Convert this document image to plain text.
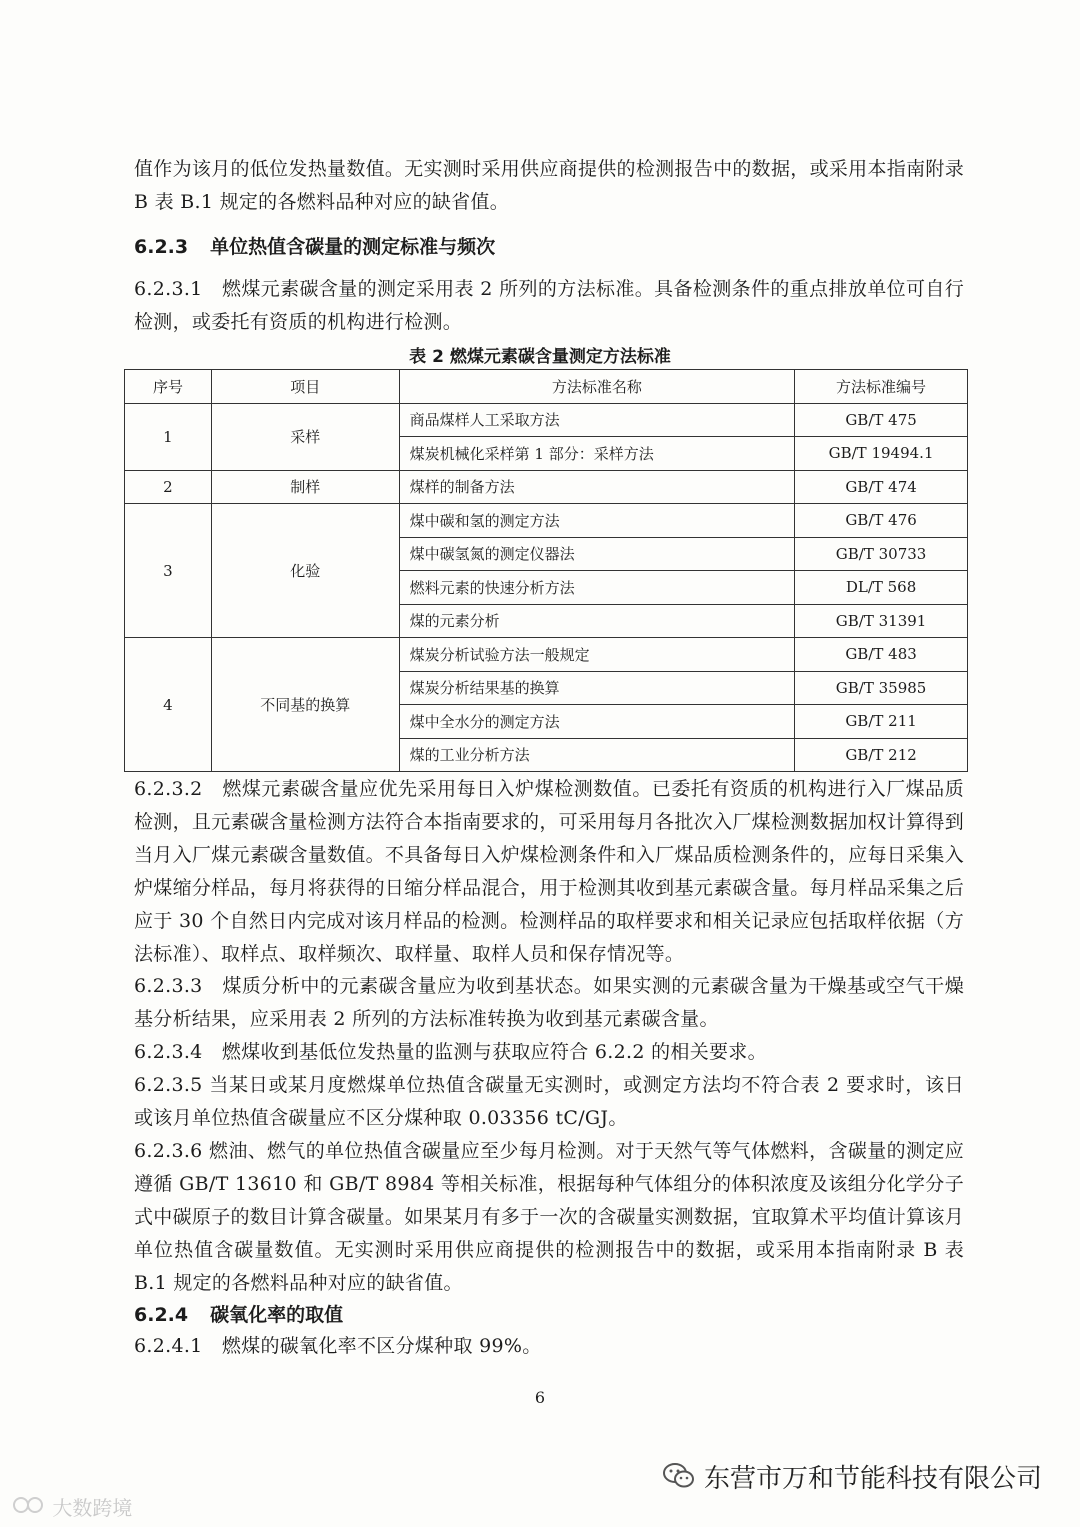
值作为该月的低位发热量数值。无实测时采用供应商提供的检测报告中的数据，或采用本指南附录B 表 B.1 规定的各燃料品种对应的缺省值。
6.2.3 单位热值含碳量的测定标准与频次
6.2.3.1　燃煤元素碳含量的测定采用表 2 所列的方法标准。具备检测条件的重点排放单位可自行检测，或委托有资质的机构进行检测。
表 2 燃煤元素碳含量测定方法标准
序号	项目	方法标准名称	方法标准编号
1	采样	商品煤样人工采取方法	GB/T 475
		煤炭机械化采样第 1 部分：采样方法	GB/T 19494.1
2	制样	煤样的制备方法	GB/T 474
3	化验	煤中碳和氢的测定方法	GB/T 476
		煤中碳氢氮的测定仪器法	GB/T 30733
		燃料元素的快速分析方法	DL/T 568
		煤的元素分析	GB/T 31391
4	不同基的换算	煤炭分析试验方法一般规定	GB/T 483
		煤炭分析结果基的换算	GB/T 35985
		煤中全水分的测定方法	GB/T 211
		煤的工业分析方法	GB/T 212
6.2.3.2　燃煤元素碳含量应优先采用每日入炉煤检测数值。已委托有资质的机构进行入厂煤品质检测，且元素碳含量检测方法符合本指南要求的，可采用每月各批次入厂煤检测数据加权计算得到当月入厂煤元素碳含量数值。不具备每日入炉煤检测条件和入厂煤品质检测条件的，应每日采集入炉煤缩分样品，每月将获得的日缩分样品混合，用于检测其收到基元素碳含量。每月样品采集之后应于 30 个自然日内完成对该月样品的检测。检测样品的取样要求和相关记录应包括取样依据（方法标准）、取样点、取样频次、取样量、取样人员和保存情况等。
6.2.3.3　煤质分析中的元素碳含量应为收到基状态。如果实测的元素碳含量为干燥基或空气干燥基分析结果，应采用表 2 所列的方法标准转换为收到基元素碳含量。
6.2.3.4　燃煤收到基低位发热量的监测与获取应符合 6.2.2 的相关要求。
6.2.3.5 当某日或某月度燃煤单位热值含碳量无实测时，或测定方法均不符合表 2 要求时，该日或该月单位热值含碳量应不区分煤种取 0.03356 tC/GJ。
6.2.3.6 燃油、燃气的单位热值含碳量应至少每月检测。对于天然气等气体燃料，含碳量的测定应遵循 GB/T 13610 和 GB/T 8984 等相关标准，根据每种气体组分的体积浓度及该组分化学分子式中碳原子的数目计算含碳量。如果某月有多于一次的含碳量实测数据，宜取算术平均值计算该月单位热值含碳量数值。无实测时采用供应商提供的检测报告中的数据，或采用本指南附录 B 表 B.1 规定的各燃料品种对应的缺省值。
6.2.4 碳氧化率的取值
6.2.4.1　燃煤的碳氧化率不区分煤种取 99%。
6
东营市万和节能科技有限公司
大数跨境
